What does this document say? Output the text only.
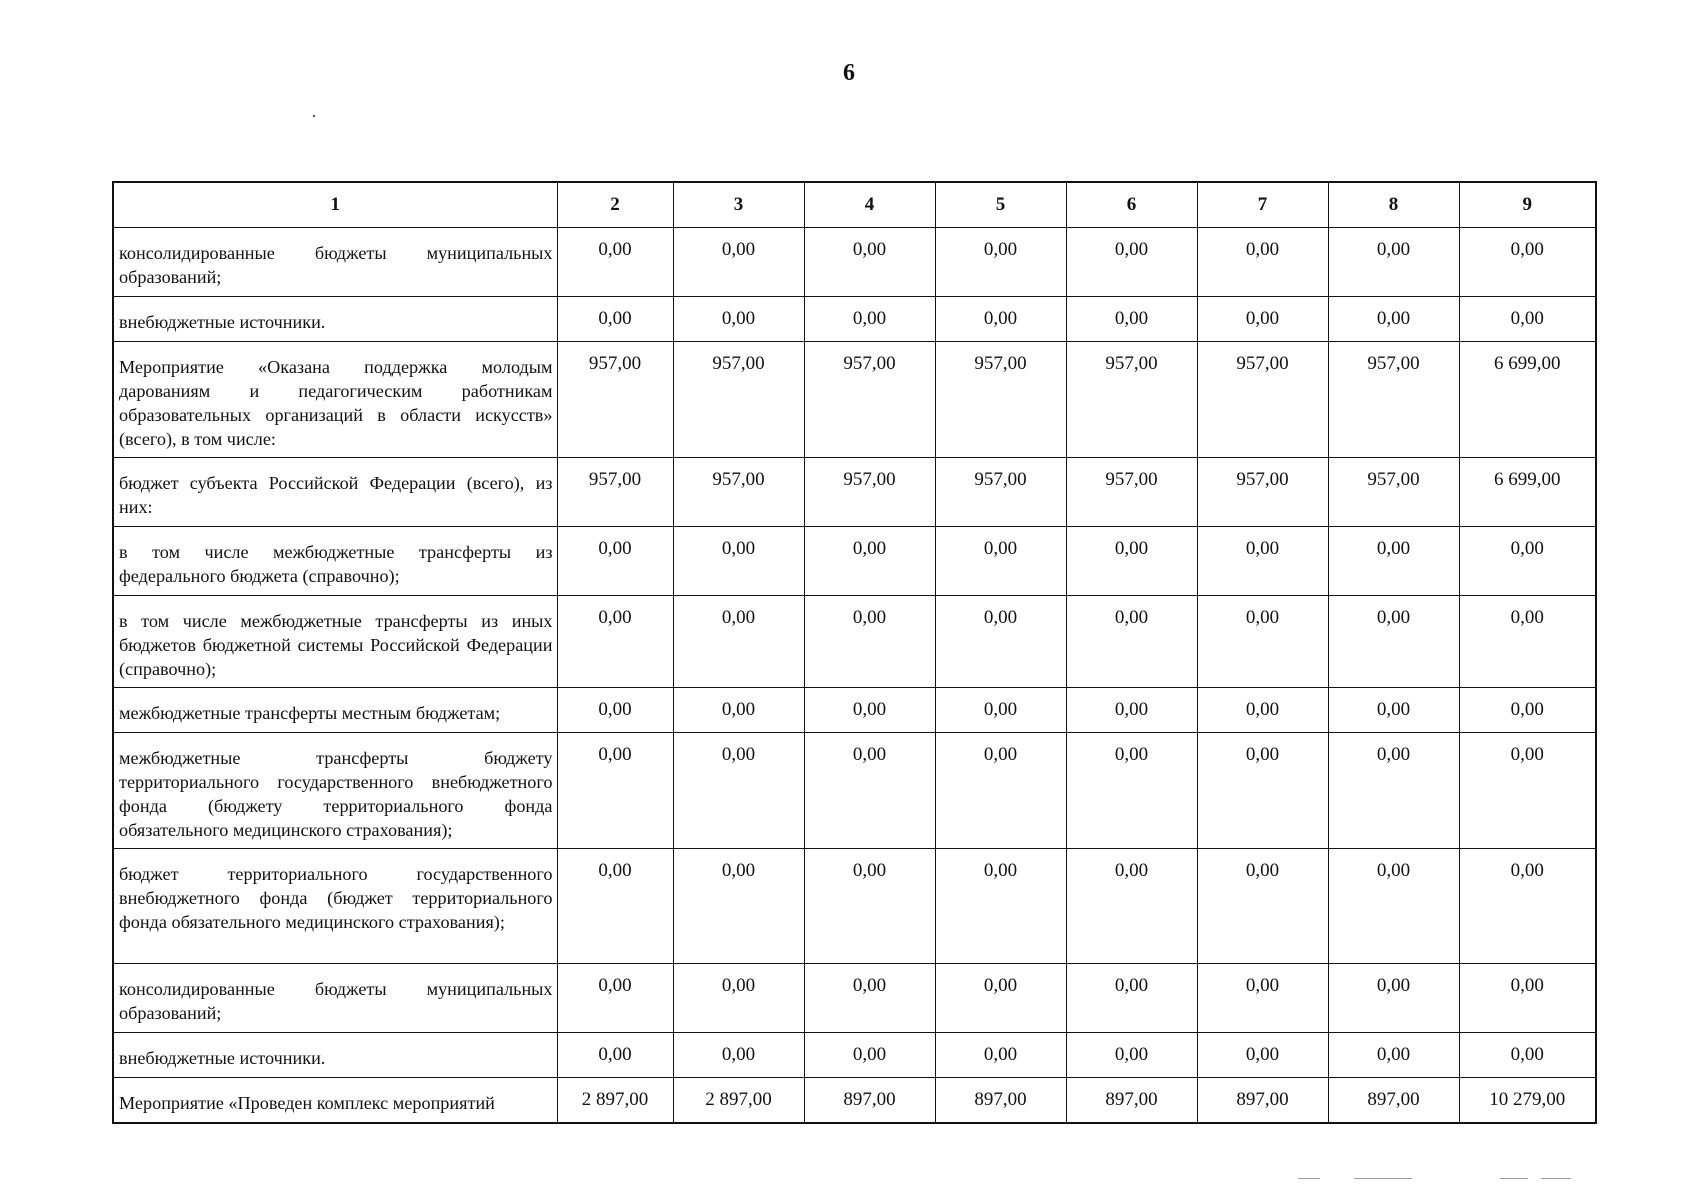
6
1	2	3	4	5	6	7	8	9
консолидированные бюджеты муниципальных образований;	0,00	0,00	0,00	0,00	0,00	0,00	0,00	0,00
внебюджетные источники.	0,00	0,00	0,00	0,00	0,00	0,00	0,00	0,00
Мероприятие «Оказана поддержка молодым дарованиям и педагогическим работникам образовательных организаций в области искусств» (всего), в том числе:	957,00	957,00	957,00	957,00	957,00	957,00	957,00	6 699,00
бюджет субъекта Российской Федерации (всего), из них:	957,00	957,00	957,00	957,00	957,00	957,00	957,00	6 699,00
в том числе межбюджетные трансферты из федерального бюджета (справочно);	0,00	0,00	0,00	0,00	0,00	0,00	0,00	0,00
в том числе межбюджетные трансферты из иных бюджетов бюджетной системы Российской Федерации (справочно);	0,00	0,00	0,00	0,00	0,00	0,00	0,00	0,00
межбюджетные трансферты местным бюджетам;	0,00	0,00	0,00	0,00	0,00	0,00	0,00	0,00
межбюджетные трансферты бюджету территориального государственного внебюджетного фонда (бюджету территориального фонда обязательного медицинского страхования);	0,00	0,00	0,00	0,00	0,00	0,00	0,00	0,00
бюджет территориального государственного внебюджетного фонда (бюджет территориального фонда обязательного медицинского страхования);	0,00	0,00	0,00	0,00	0,00	0,00	0,00	0,00
консолидированные бюджеты муниципальных образований;	0,00	0,00	0,00	0,00	0,00	0,00	0,00	0,00
внебюджетные источники.	0,00	0,00	0,00	0,00	0,00	0,00	0,00	0,00
Мероприятие «Проведен комплекс мероприятий	2 897,00	2 897,00	897,00	897,00	897,00	897,00	897,00	10 279,00
